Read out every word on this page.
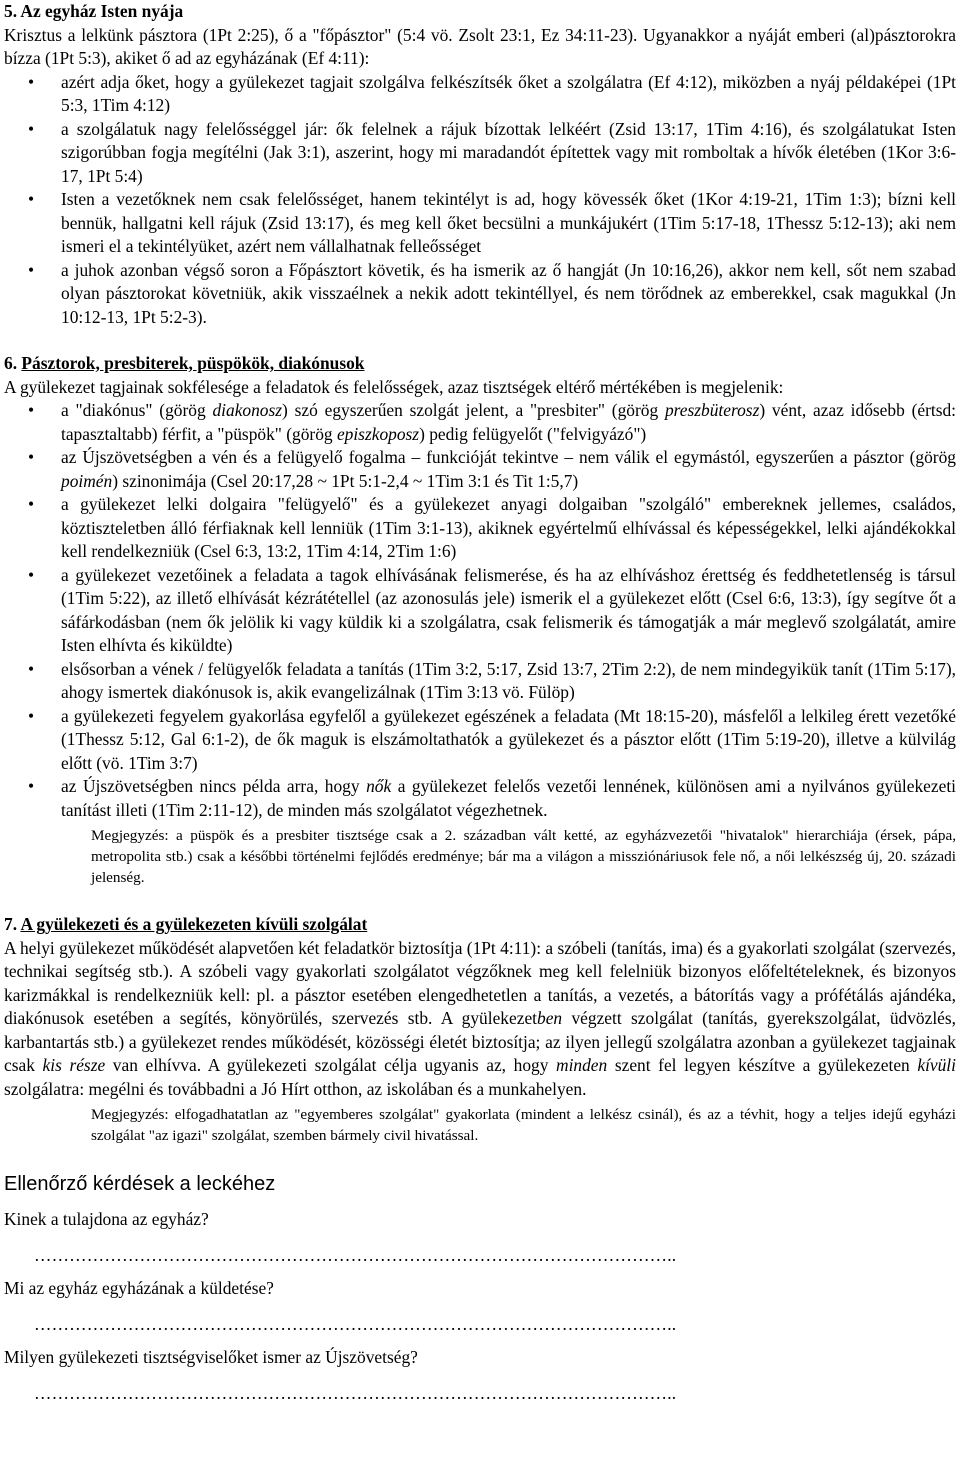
5. Az egyház Isten nyája

Krisztus a lelkünk pásztora (1Pt 2:25), ő a "főpásztor" (5:4 vö. Zsolt 23:1, Ez 34:11-23). Ugyanakkor a nyáját emberi (al)pásztorokra bízza (1Pt 5:3), akiket ő ad az egyházának (Ef 4:11):

• azért adja őket, hogy a gyülekezet tagjait szolgálva felkészítsék őket a szolgálatra (Ef 4:12), miközben a nyáj példaképei (1Pt 5:3, 1Tim 4:12)
• a szolgálatuk nagy felelősséggel jár: ők felelnek a rájuk bízottak lelkéért (Zsid 13:17, 1Tim 4:16), és szolgálatukat Isten szigorúbban fogja megítélni (Jak 3:1), aszerint, hogy mi maradandót építettek vagy mit romboltak a hívők életében (1Kor 3:6-17, 1Pt 5:4)
• Isten a vezetőknek nem csak felelősséget, hanem tekintélyt is ad, hogy kövessék őket (1Kor 4:19-21, 1Tim 1:3); bízni kell bennük, hallgatni kell rájuk (Zsid 13:17), és meg kell őket becsülni a munkájukért (1Tim 5:17-18, 1Thessz 5:12-13); aki nem ismeri el a tekintélyüket, azért nem vállalhatnak felleősséget
• a juhok azonban végső soron a Főpásztort követik, és ha ismerik az ő hangját (Jn 10:16,26), akkor nem kell, sőt nem szabad olyan pásztorokat követniük, akik visszaélnek a nekik adott tekintéllyel, és nem törődnek az emberekkel, csak magukkal (Jn 10:12-13, 1Pt 5:2-3).
6. Pásztorok, presbiterek, püspökök, diakónusok

A gyülekezet tagjainak sokfélesége a feladatok és felelősségek, azaz tisztségek eltérő mértékében is megjelenik:

• a "diakónus" (görög diakonosz) szó egyszerűen szolgát jelent, a "presbiter" (görög preszbüterosz) vént, azaz idősebb (értsd: tapasztaltabb) férfit, a "püspök" (görög episzkoposz) pedig felügyelőt ("felvigyázó")
• az Újszövetségben a vén és a felügyelő fogalma – funkcióját tekintve – nem válik el egymástól, egyszerűen a pásztor (görög poimén) szinonimája (Csel 20:17,28 ~ 1Pt 5:1-2,4 ~ 1Tim 3:1 és Tit 1:5,7)
• a gyülekezet lelki dolgaira "felügyelő" és a gyülekezet anyagi dolgaiban "szolgáló" embereknek jellemes, családos, köztiszteletben álló férfiaknak kell lenniük (1Tim 3:1-13), akiknek egyértelmű elhívással és képességekkel, lelki ajándékokkal kell rendelkezniük (Csel 6:3, 13:2, 1Tim 4:14, 2Tim 1:6)
• a gyülekezet vezetőinek a feladata a tagok elhívásának felismerése, és ha az elhíváshoz érettség és feddhetetlenség is társul (1Tim 5:22), az illető elhívását kézrátétellel (az azonosulás jele) ismerik el a gyülekezet előtt (Csel 6:6, 13:3), így segítve őt a sáfárkodásban (nem ők jelölik ki vagy küldik ki a szolgálatra, csak felismerik és támogatják a már meglevő szolgálatát, amire Isten elhívta és kiküldte)
• elsősorban a vének / felügyelők feladata a tanítás (1Tim 3:2, 5:17, Zsid 13:7, 2Tim 2:2), de nem mindegyikük tanít (1Tim 5:17), ahogy ismertek diakónusok is, akik evangelizálnak (1Tim 3:13 vö. Fülöp)
• a gyülekezeti fegyelem gyakorlása egyfelől a gyülekezet egészének a feladata (Mt 18:15-20), másfelől a lelkileg érett vezetőké (1Thessz 5:12, Gal 6:1-2), de ők maguk is elszámoltathatók a gyülekezet és a pásztor előtt (1Tim 5:19-20), illetve a külvilág előtt (vö. 1Tim 3:7)
• az Újszövetségben nincs példa arra, hogy nők a gyülekezet felelős vezetői lennének, különösen ami a nyilvános gyülekezeti tanítást illeti (1Tim 2:11-12), de minden más szolgálatot végezhetnek.

Megjegyzés: a püspök és a presbiter tisztsége csak a 2. században vált ketté, az egyházvezetői "hivatalok" hierarchiája (érsek, pápa, metropolita stb.) csak a későbbi történelmi fejlődés eredménye; bár ma a világon a missziónáriusok fele nő, a női lelkészség új, 20. századi jelenség.

7. A gyülekezeti és a gyülekezeten kívüli szolgálat

A helyi gyülekezet működését alapvetően két feladatkör biztosítja (1Pt 4:11): a szóbeli (tanítás, ima) és a gyakorlati szolgálat (szervezés, technikai segítség stb.). A szóbeli vagy gyakorlati szolgálatot végzőknek meg kell felelniük bizonyos előfeltételeknek, és bizonyos karizmákkal is rendelkezniük kell: pl. a pásztor esetében elengedhetetlen a tanítás, a vezetés, a bátorítás vagy a prófétálás ajándéka, diakónusok esetében a segítés, könyörülés, szervezés stb. A gyülekezetben végzett szolgálat (tanítás, gyerekszolgálat, üdvözlés, karbantartás stb.) a gyülekezet rendes működését, közösségi életét biztosítja; az ilyen jellegű szolgálatra azonban a gyülekezet tagjainak csak kis része van elhívva. A gyülekezeti szolgálat célja ugyanis az, hogy minden szent fel legyen készítve a gyülekezeten kívüli szolgálatra: megélni és továbbadni a Jó Hírt otthon, az iskolában és a munkahelyen.

Megjegyzés: elfogadhatatlan az "egyemberes szolgálat" gyakorlata (mindent a lelkész csinál), és az a tévhit, hogy a teljes idejű egyházi szolgálat "az igazi" szolgálat, szemben bármely civil hivatással.

Ellenőrző kérdések a leckéhez

Kinek a tulajdona az egyház?

………………………………………………………………………………………………..

Mi az egyház egyházának a küldetése?

………………………………………………………………………………………………..

Milyen gyülekezeti tisztségviselőket ismer az Újszövetség?

………………………………………………………………………………………………..
